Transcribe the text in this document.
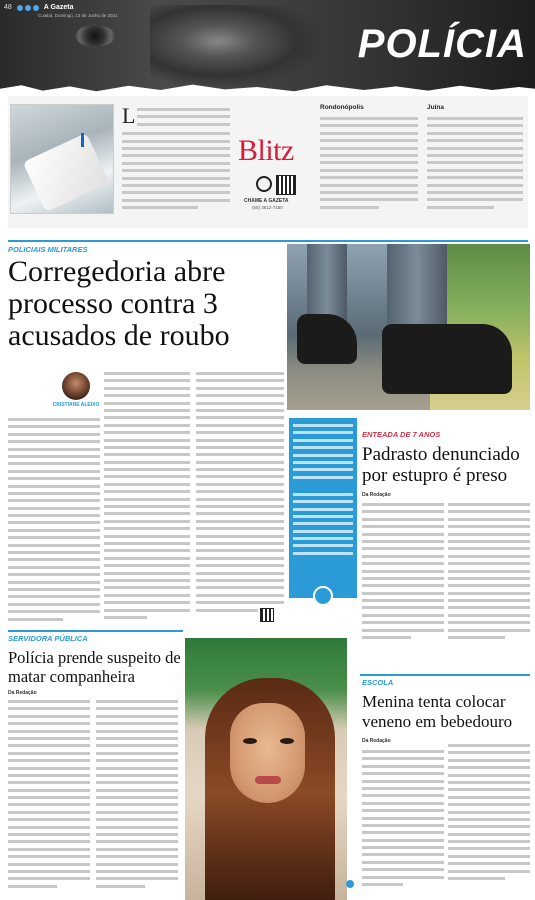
48	A Gazeta
Cuiabá, Domingo, 13 de Junho de 2021
POLÍCIA
L
Blitz
CHAME A GAZETA
(65) 3612-7150
Rondonópolis	Juína
POLICIAIS MILITARES
Corregedoria abre processo contra 3 acusados de roubo
CRISTIANE ALEIXO
ENTEADA DE 7 ANOS
Padrasto denunciado por estupro é preso
Da Redação
SERVIDORA PÚBLICA
Polícia prende suspeito de matar companheira
Da Redação
ESCOLA
Menina tenta colocar veneno em bebedouro
Da Redação
